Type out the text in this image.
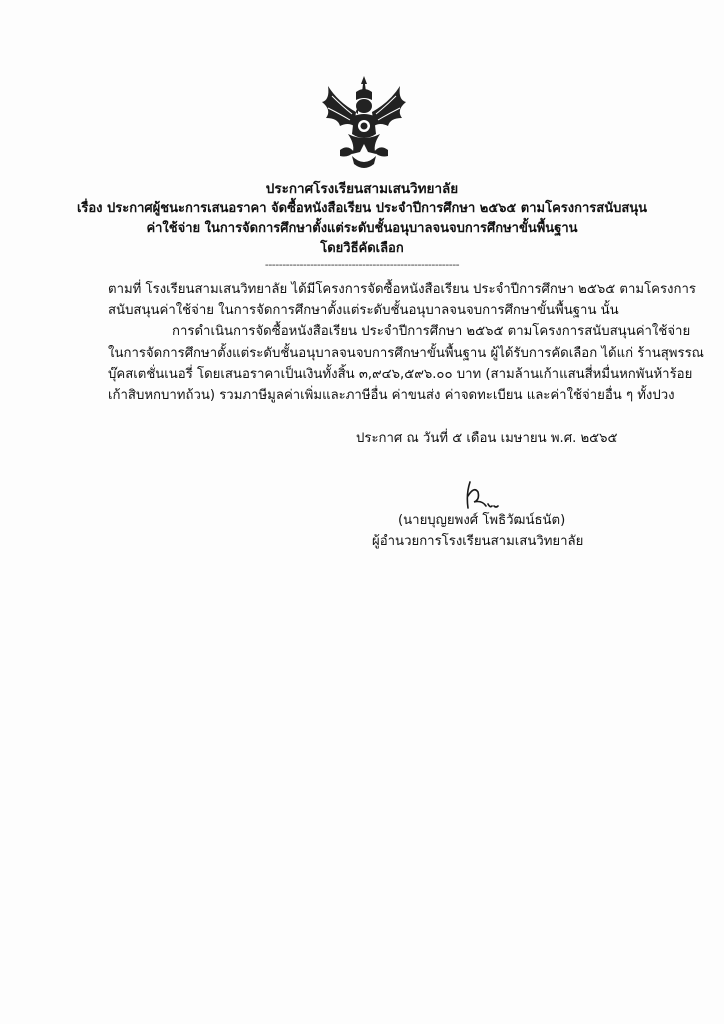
ประกาศโรงเรียนสามเสนวิทยาลัย
เรื่อง ประกาศผู้ชนะการเสนอราคา จัดซื้อหนังสือเรียน ประจำปีการศึกษา ๒๕๖๕ ตามโครงการสนับสนุน
ค่าใช้จ่าย ในการจัดการศึกษาตั้งแต่ระดับชั้นอนุบาลจนจบการศึกษาขั้นพื้นฐาน
โดยวิธีคัดเลือก
--------------------------------------------------------
ตามที่ โรงเรียนสามเสนวิทยาลัย ได้มีโครงการจัดซื้อหนังสือเรียน ประจำปีการศึกษา ๒๕๖๕ ตามโครงการ
สนับสนุนค่าใช้จ่าย ในการจัดการศึกษาตั้งแต่ระดับชั้นอนุบาลจนจบการศึกษาขั้นพื้นฐาน นั้น
การดำเนินการจัดซื้อหนังสือเรียน ประจำปีการศึกษา ๒๕๖๕ ตามโครงการสนับสนุนค่าใช้จ่าย
ในการจัดการศึกษาตั้งแต่ระดับชั้นอนุบาลจนจบการศึกษาขั้นพื้นฐาน ผู้ได้รับการคัดเลือก ได้แก่ ร้านสุพรรณ
บุ๊คสเตชั่นเนอรี่ โดยเสนอราคาเป็นเงินทั้งสิ้น ๓,๙๔๖,๕๙๖.๐๐ บาท (สามล้านเก้าแสนสี่หมื่นหกพันห้าร้อย
เก้าสิบหกบาทถ้วน) รวมภาษีมูลค่าเพิ่มและภาษีอื่น ค่าขนส่ง ค่าจดทะเบียน และค่าใช้จ่ายอื่น ๆ ทั้งปวง
ประกาศ ณ วันที่ ๕ เดือน เมษายน พ.ศ. ๒๕๖๕
(นายบุญยพงศ์ โพธิวัฒน์ธนัต)
ผู้อำนวยการโรงเรียนสามเสนวิทยาลัย
